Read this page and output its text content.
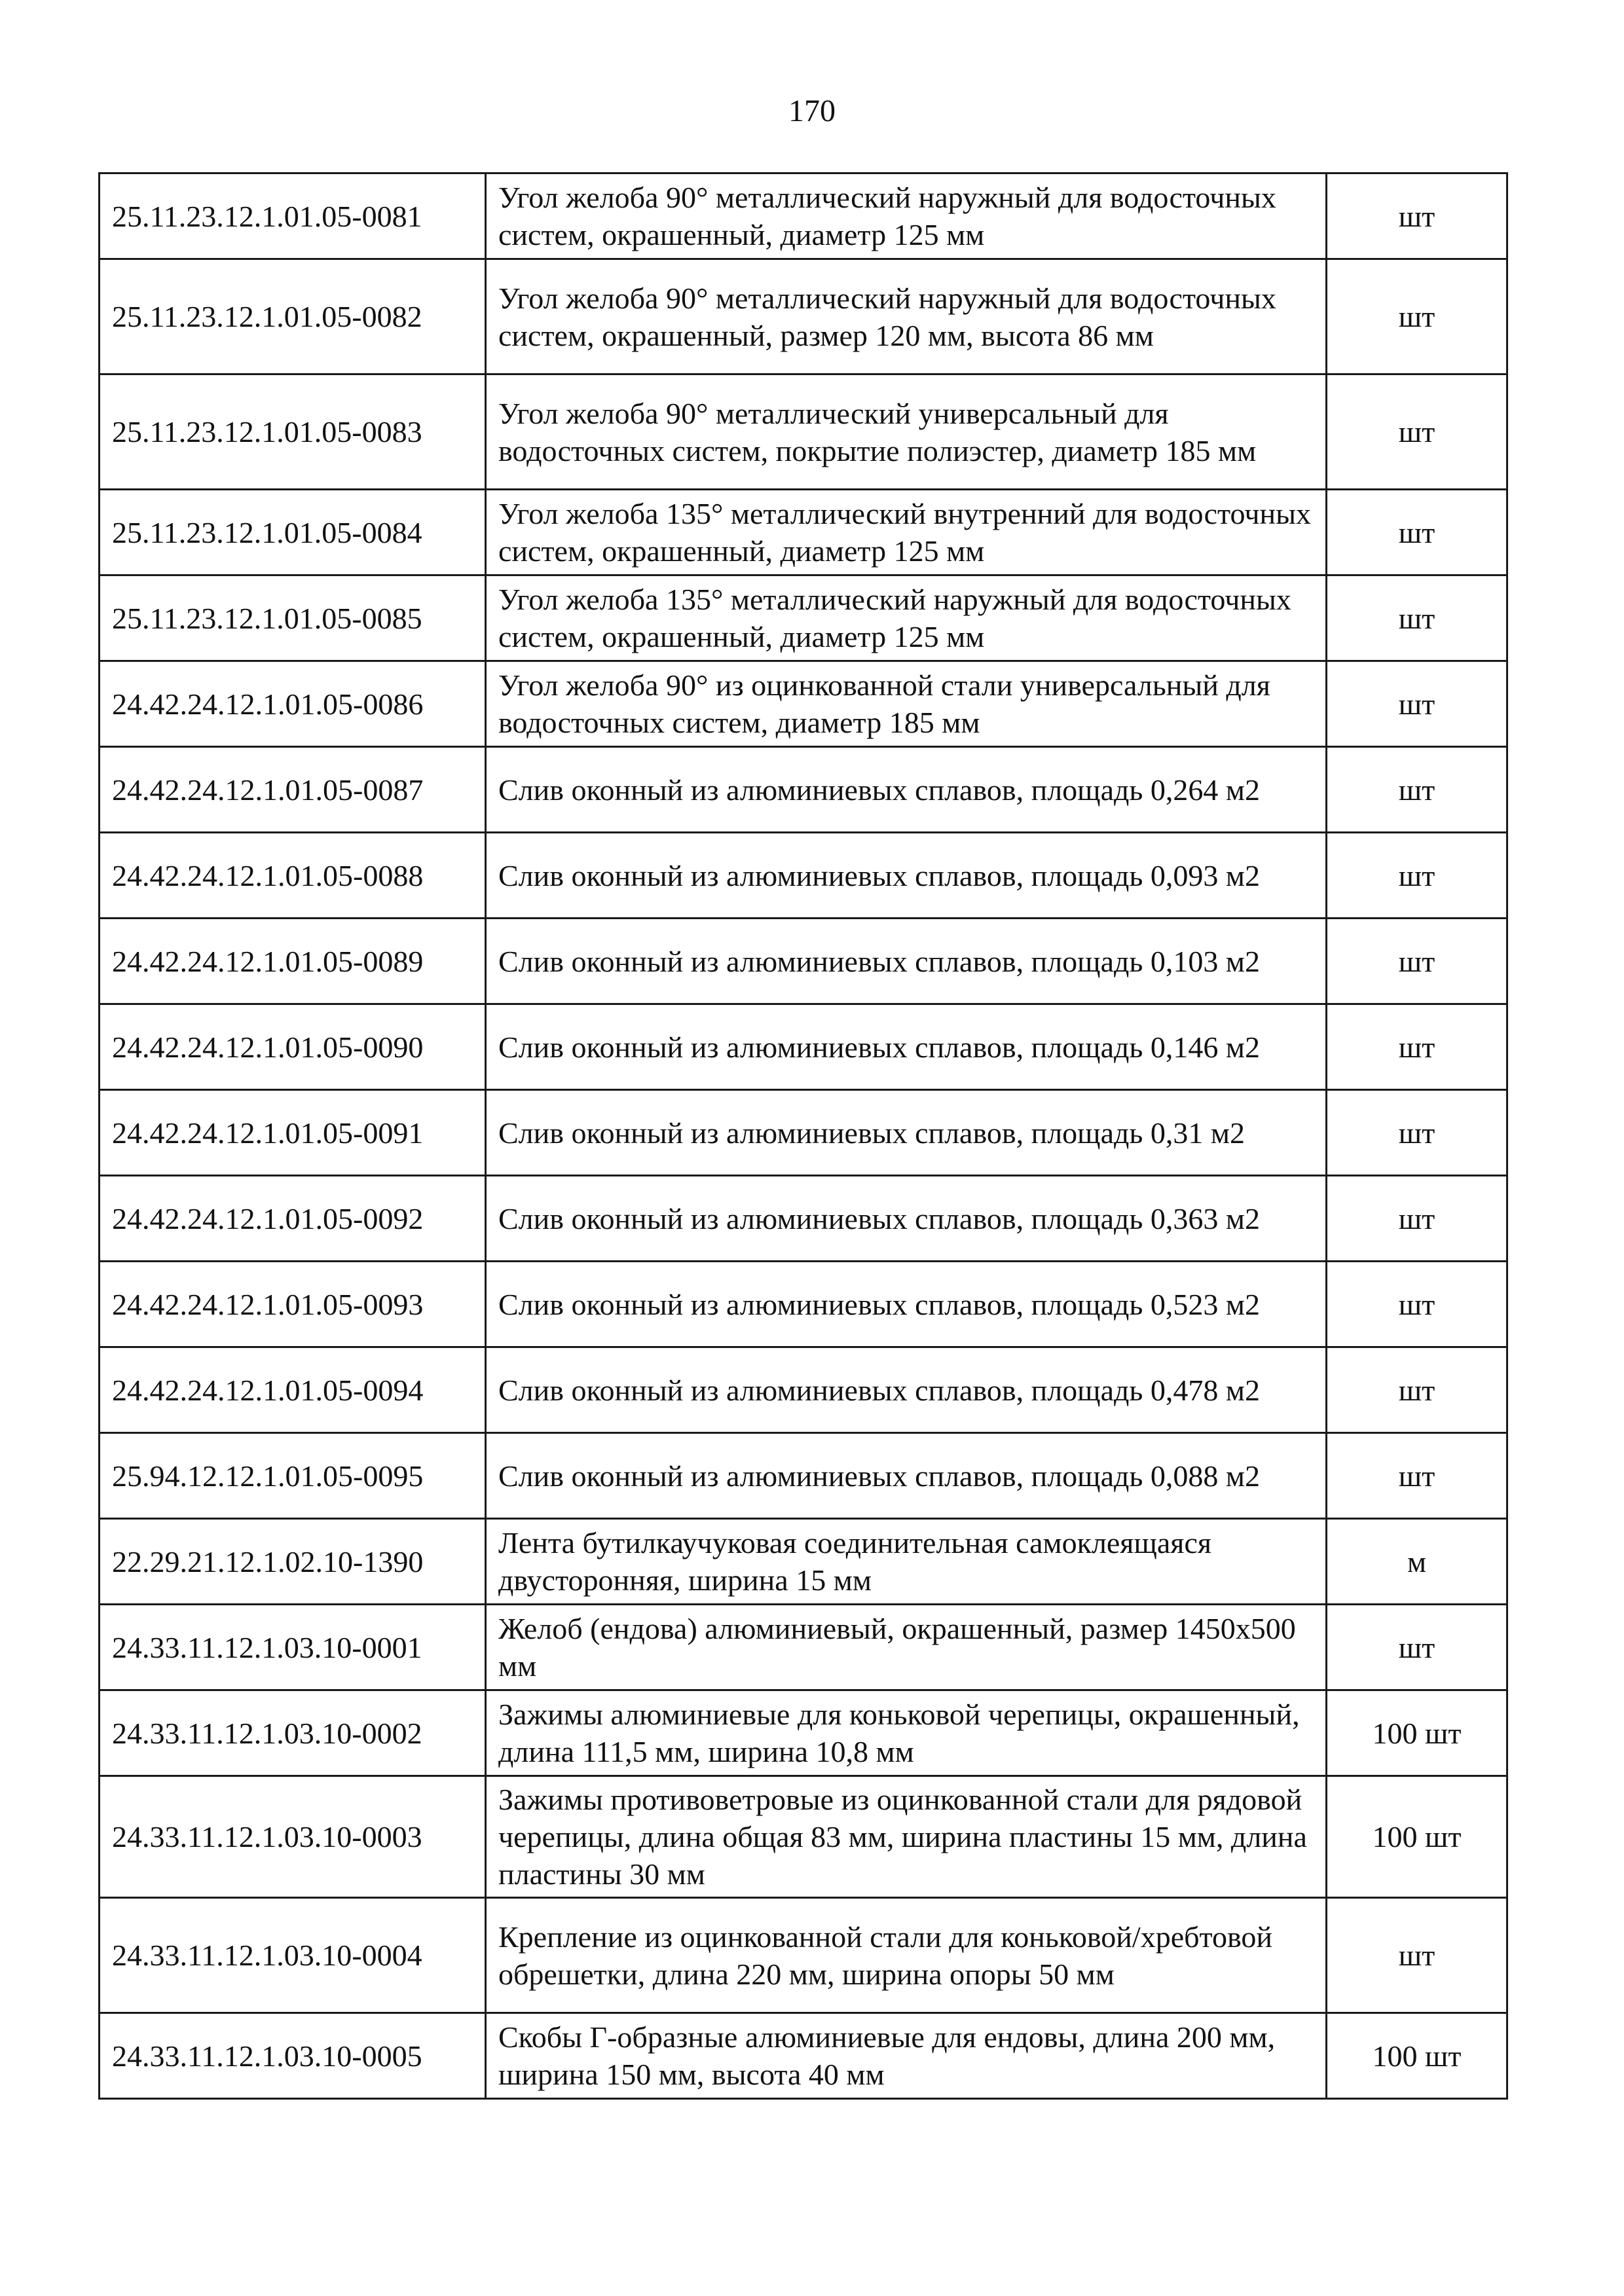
170
25.11.23.12.1.01.05-0081	Угол желоба 90° металлический наружный для водосточных систем, окрашенный, диаметр 125 мм	шт
25.11.23.12.1.01.05-0082	Угол желоба 90° металлический наружный для водосточных систем, окрашенный, размер 120 мм, высота 86 мм	шт
25.11.23.12.1.01.05-0083	Угол желоба 90° металлический универсальный для водосточных систем, покрытие полиэстер, диаметр 185 мм	шт
25.11.23.12.1.01.05-0084	Угол желоба 135° металлический внутренний для водосточных систем, окрашенный, диаметр 125 мм	шт
25.11.23.12.1.01.05-0085	Угол желоба 135° металлический наружный для водосточных систем, окрашенный, диаметр 125 мм	шт
24.42.24.12.1.01.05-0086	Угол желоба 90° из оцинкованной стали универсальный для водосточных систем, диаметр 185 мм	шт
24.42.24.12.1.01.05-0087	Слив оконный из алюминиевых сплавов, площадь 0,264 м2	шт
24.42.24.12.1.01.05-0088	Слив оконный из алюминиевых сплавов, площадь 0,093 м2	шт
24.42.24.12.1.01.05-0089	Слив оконный из алюминиевых сплавов, площадь 0,103 м2	шт
24.42.24.12.1.01.05-0090	Слив оконный из алюминиевых сплавов, площадь 0,146 м2	шт
24.42.24.12.1.01.05-0091	Слив оконный из алюминиевых сплавов, площадь 0,31 м2	шт
24.42.24.12.1.01.05-0092	Слив оконный из алюминиевых сплавов, площадь 0,363 м2	шт
24.42.24.12.1.01.05-0093	Слив оконный из алюминиевых сплавов, площадь 0,523 м2	шт
24.42.24.12.1.01.05-0094	Слив оконный из алюминиевых сплавов, площадь 0,478 м2	шт
25.94.12.12.1.01.05-0095	Слив оконный из алюминиевых сплавов, площадь 0,088 м2	шт
22.29.21.12.1.02.10-1390	Лента бутилкаучуковая соединительная самоклеящаяся двусторонняя, ширина 15 мм	м
24.33.11.12.1.03.10-0001	Желоб (ендова) алюминиевый, окрашенный, размер 1450x500 мм	шт
24.33.11.12.1.03.10-0002	Зажимы алюминиевые для коньковой черепицы, окрашенный, длина 111,5 мм, ширина 10,8 мм	100 шт
24.33.11.12.1.03.10-0003	Зажимы противоветровые из оцинкованной стали для рядовой черепицы, длина общая 83 мм, ширина пластины 15 мм, длина пластины 30 мм	100 шт
24.33.11.12.1.03.10-0004	Крепление из оцинкованной стали для коньковой/хребтовой обрешетки, длина 220 мм, ширина опоры 50 мм	шт
24.33.11.12.1.03.10-0005	Скобы Г-образные алюминиевые для ендовы, длина 200 мм, ширина 150 мм, высота 40 мм	100 шт
